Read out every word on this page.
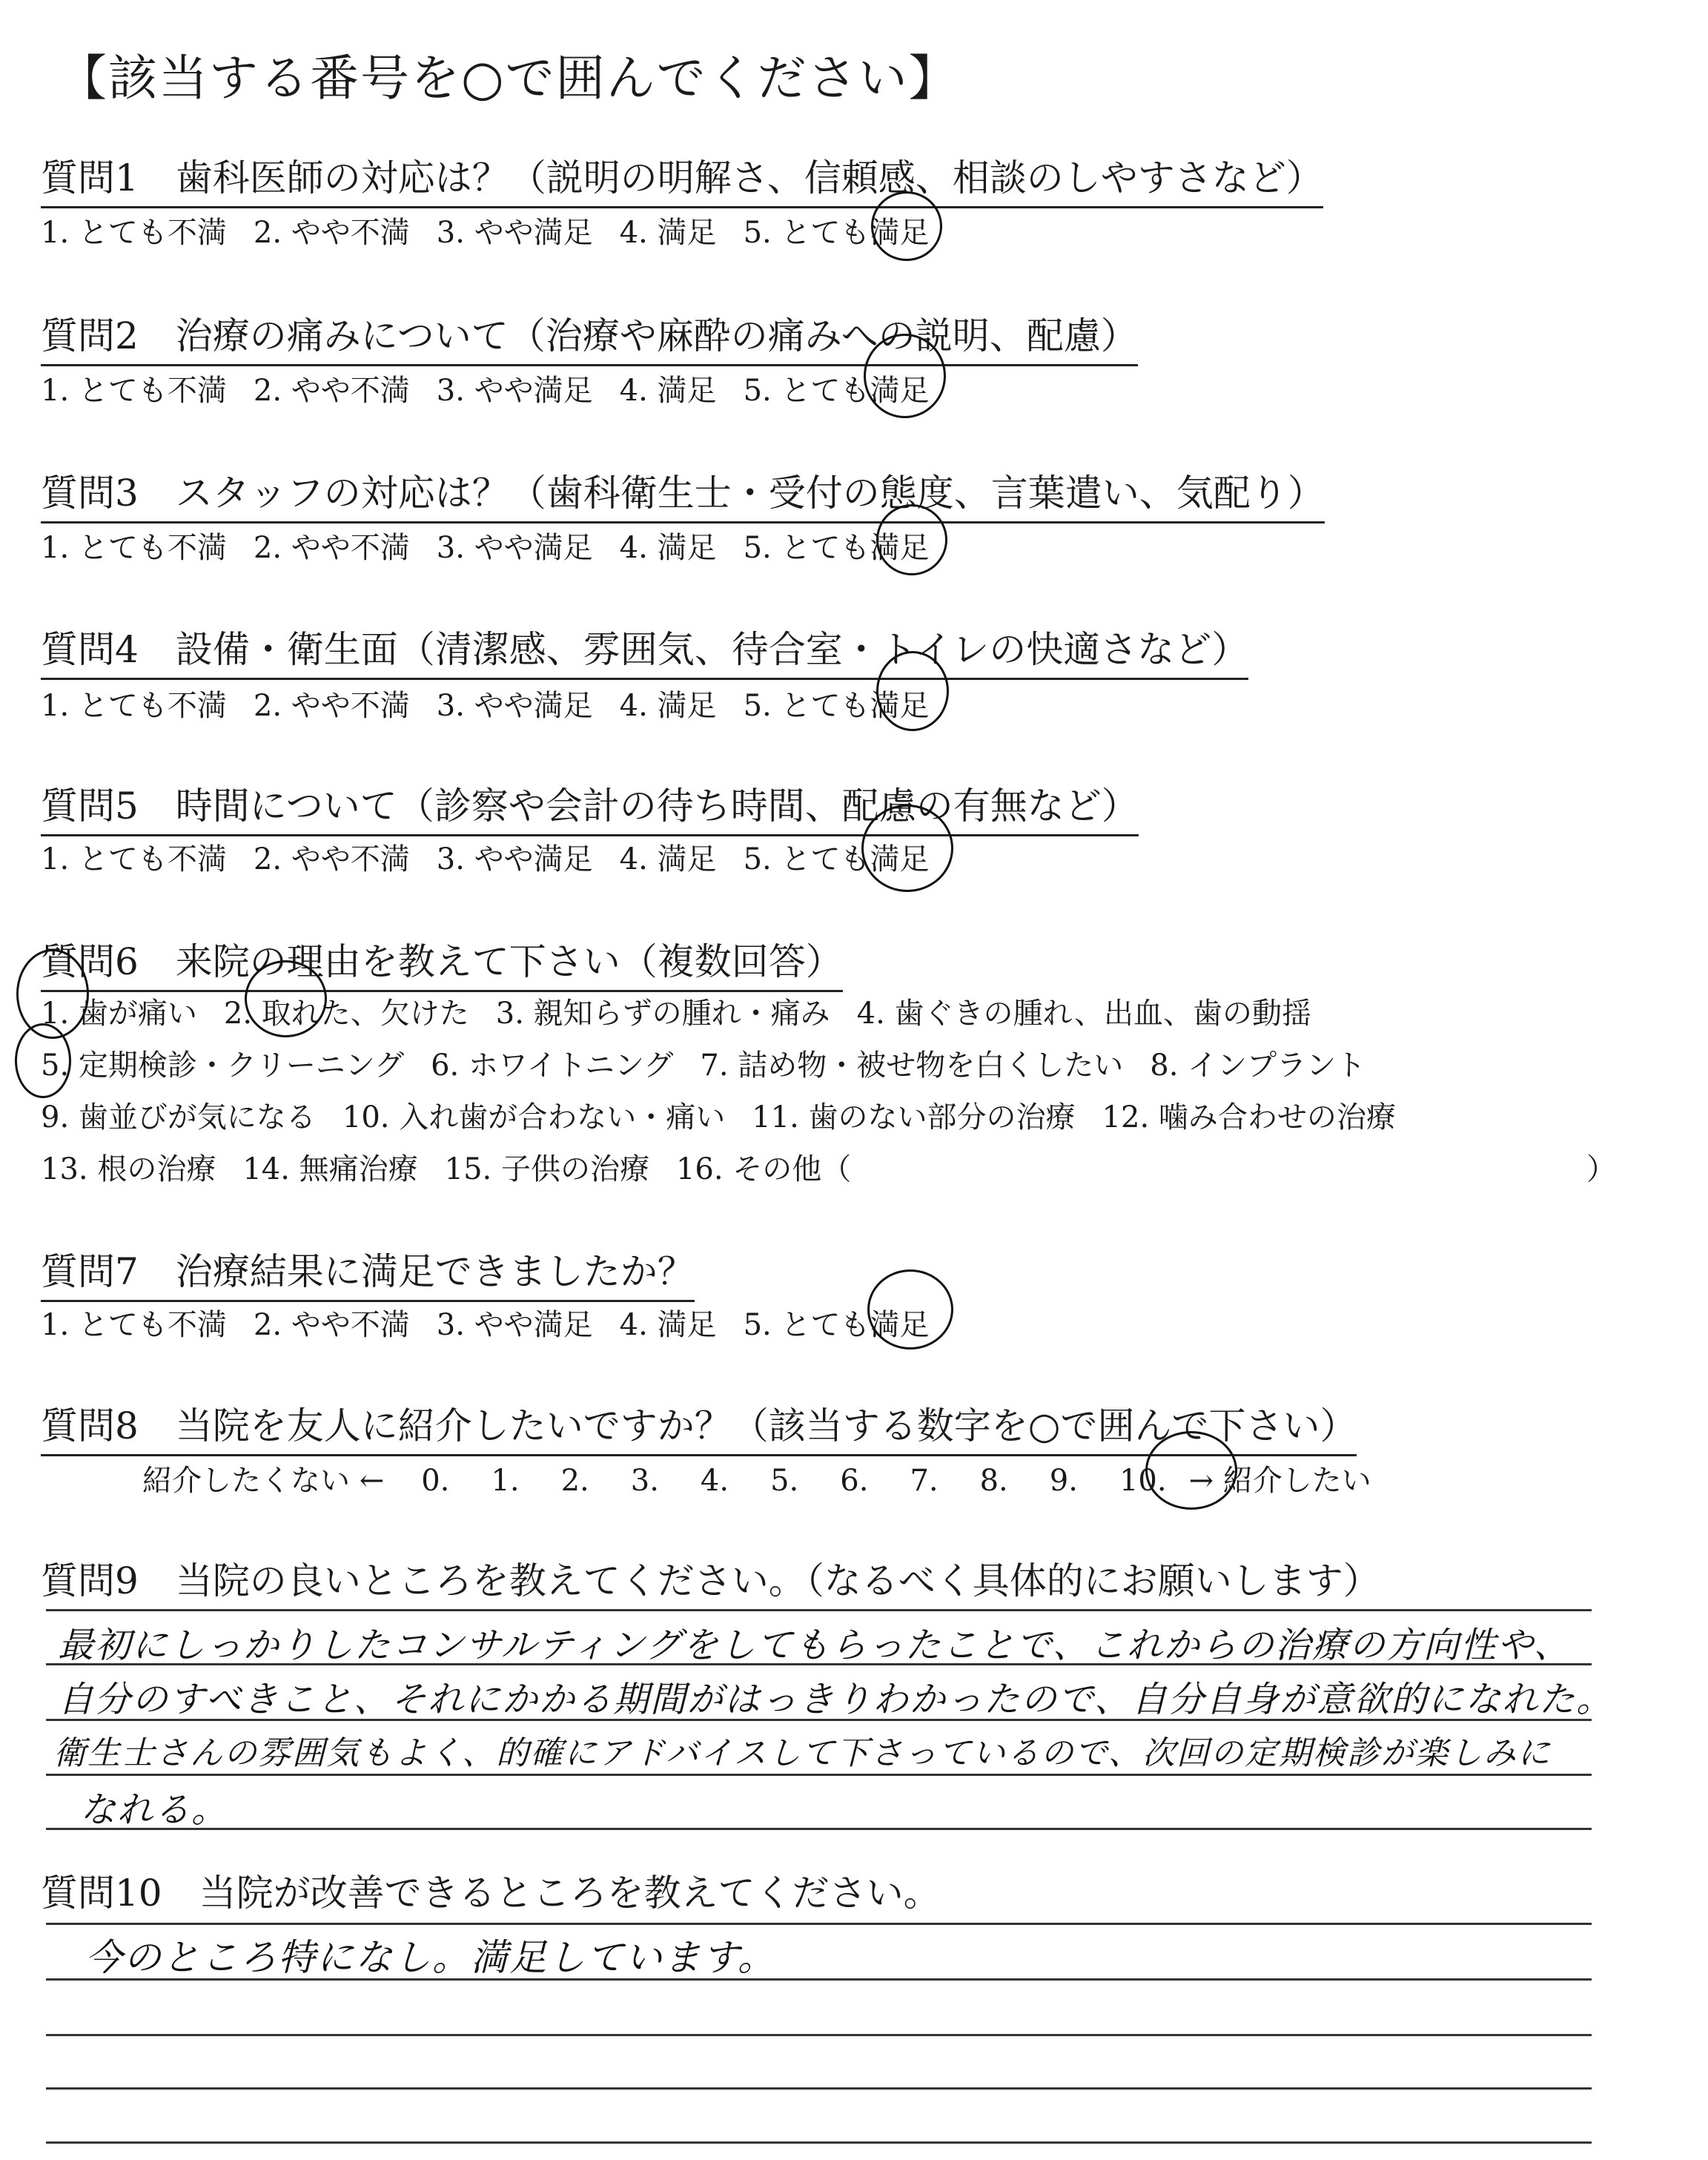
【該当する番号を○で囲んでください】
質問1　歯科医師の対応は？（説明の明解さ、信頼感、相談のしやすさなど）
1. とても不満 2. やや不満 3. やや満足 4. 満足 5. とても満足
質問2　治療の痛みについて（治療や麻酔の痛みへの説明、配慮）
1. とても不満 2. やや不満 3. やや満足 4. 満足 5. とても満足
質問3　スタッフの対応は？（歯科衛生士・受付の態度、言葉遣い、気配り）
1. とても不満 2. やや不満 3. やや満足 4. 満足 5. とても満足
質問4　設備・衛生面（清潔感、雰囲気、待合室・トイレの快適さなど）
1. とても不満 2. やや不満 3. やや満足 4. 満足 5. とても満足
質問5　時間について（診察や会計の待ち時間、配慮の有無など）
1. とても不満 2. やや不満 3. やや満足 4. 満足 5. とても満足
質問6　来院の理由を教えて下さい（複数回答）
1. 歯が痛い 2. 取れた、欠けた 3. 親知らずの腫れ・痛み 4. 歯ぐきの腫れ、出血、歯の動揺
5. 定期検診・クリーニング 6. ホワイトニング 7. 詰め物・被せ物を白くしたい 8. インプラント
9. 歯並びが気になる 10. 入れ歯が合わない・痛い 11. 歯のない部分の治療 12. 噛み合わせの治療
13. 根の治療 14. 無痛治療 15. 子供の治療 16. その他（	）
質問7　治療結果に満足できましたか？
1. とても不満 2. やや不満 3. やや満足 4. 満足 5. とても満足
質問8　当院を友人に紹介したいですか？（該当する数字を○で囲んで下さい）
紹介したくない ← 0. 1. 2. 3. 4. 5. 6. 7. 8. 9. 10. → 紹介したい
質問9　当院の良いところを教えてください。（なるべく具体的にお願いします）
最初にしっかりしたコンサルティングをしてもらったことで、これからの治療の方向性や、
自分のすべきこと、それにかかる期間がはっきりわかったので、自分自身が意欲的になれた。
衛生士さんの雰囲気もよく、的確にアドバイスして下さっているので、次回の定期検診が楽しみに
なれる。
質問10　当院が改善できるところを教えてください。
今のところ特になし。満足しています。
